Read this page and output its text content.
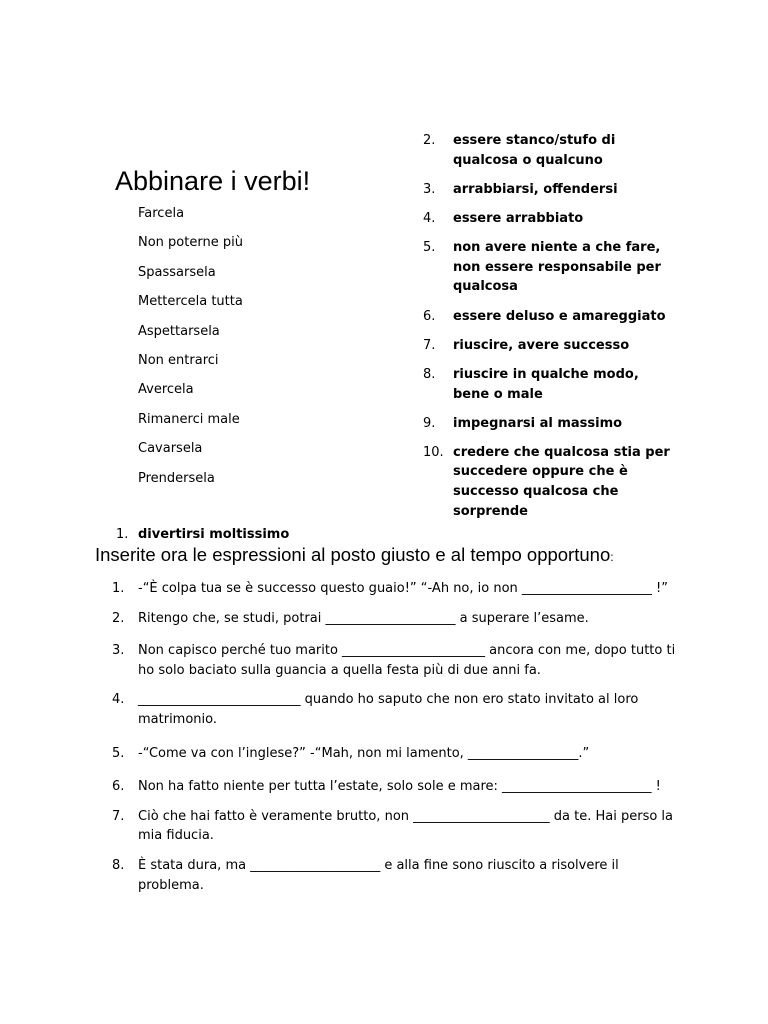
Abbinare i verbi!
Farcela
Non poterne più
Spassarsela
Mettercela tutta
Aspettarsela
Non entrarci
Avercela
Rimanerci male
Cavarsela
Prendersela
2.	essere stanco/stufo di qualcosa o qualcuno
3.	arrabbiarsi, offendersi
4.	essere arrabbiato
5.	non avere niente a che fare, non essere responsabile per qualcosa
6.	essere deluso e amareggiato
7.	riuscire, avere successo
8.	riuscire in qualche modo, bene o male
9.	impegnarsi al massimo
10. credere che qualcosa stia per succedere oppure che è successo qualcosa che sorprende
1. divertirsi moltissimo
Inserite ora le espressioni al posto giusto e al tempo opportuno:
1.	-“È colpa tua se è successo questo guaio!” “-Ah no, io non ____________________ !”
2.	Ritengo che, se studi, potrai ____________________ a superare l’esame.
3.	Non capisco perché tuo marito ______________________ ancora con me, dopo tutto ti ho solo baciato sulla guancia a quella festa più di due anni fa.
4.	_________________________ quando ho saputo che non ero stato invitato al loro matrimonio.
5.	-“Come va con l’inglese?” -“Mah, non mi lamento, _________________.”
6.	Non ha fatto niente per tutta l’estate, solo sole e mare: _______________________ !
7.	Ciò che hai fatto è veramente brutto, non _____________________ da te. Hai perso la mia fiducia.
8.	È stata dura, ma ____________________ e alla fine sono riuscito a risolvere il problema.
